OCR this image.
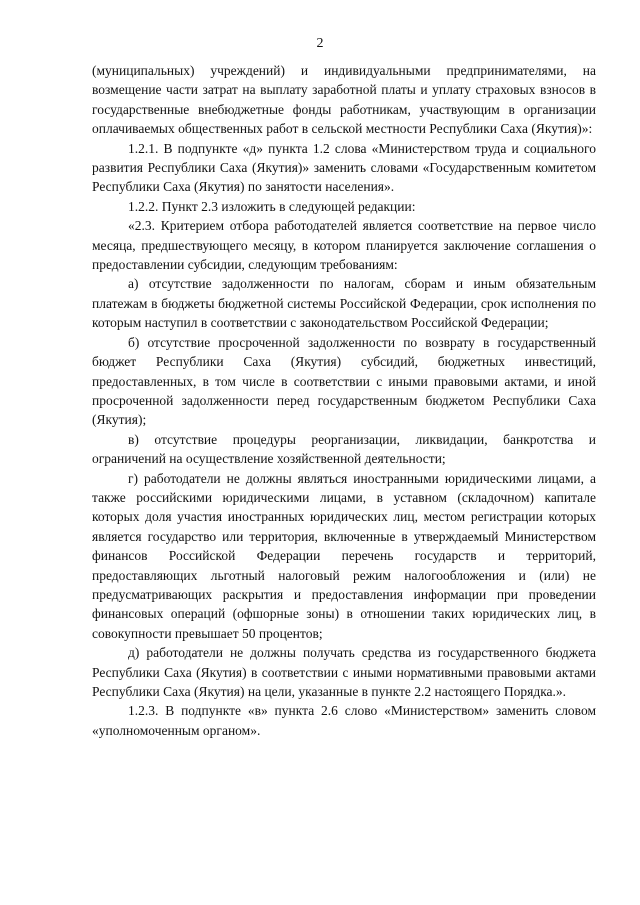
2

(муниципальных) учреждений) и индивидуальными предпринимателями, на возмещение части затрат на выплату заработной платы и уплату страховых взносов в государственные внебюджетные фонды работникам, участвующим в организации оплачиваемых общественных работ в сельской местности Республики Саха (Якутия)»:

1.2.1. В подпункте «д» пункта 1.2 слова «Министерством труда и социального развития Республики Саха (Якутия)» заменить словами «Государственным комитетом Республики Саха (Якутия) по занятости населения».

1.2.2. Пункт 2.3 изложить в следующей редакции:

«2.3. Критерием отбора работодателей является соответствие на первое число месяца, предшествующего месяцу, в котором планируется заключение соглашения о предоставлении субсидии, следующим требованиям:

а) отсутствие задолженности по налогам, сборам и иным обязательным платежам в бюджеты бюджетной системы Российской Федерации, срок исполнения по которым наступил в соответствии с законодательством Российской Федерации;

б) отсутствие просроченной задолженности по возврату в государственный бюджет Республики Саха (Якутия) субсидий, бюджетных инвестиций, предоставленных, в том числе в соответствии с иными правовыми актами, и иной просроченной задолженности перед государственным бюджетом Республики Саха (Якутия);

в) отсутствие процедуры реорганизации, ликвидации, банкротства и ограничений на осуществление хозяйственной деятельности;

г) работодатели не должны являться иностранными юридическими лицами, а также российскими юридическими лицами, в уставном (складочном) капитале которых доля участия иностранных юридических лиц, местом регистрации которых является государство или территория, включенные в утверждаемый Министерством финансов Российской Федерации перечень государств и территорий, предоставляющих льготный налоговый режим налогообложения и (или) не предусматривающих раскрытия и предоставления информации при проведении финансовых операций (офшорные зоны) в отношении таких юридических лиц, в совокупности превышает 50 процентов;

д) работодатели не должны получать средства из государственного бюджета Республики Саха (Якутия) в соответствии с иными нормативными правовыми актами Республики Саха (Якутия) на цели, указанные в пункте 2.2 настоящего Порядка.».

1.2.3. В подпункте «в» пункта 2.6 слово «Министерством» заменить словом «уполномоченным органом».
